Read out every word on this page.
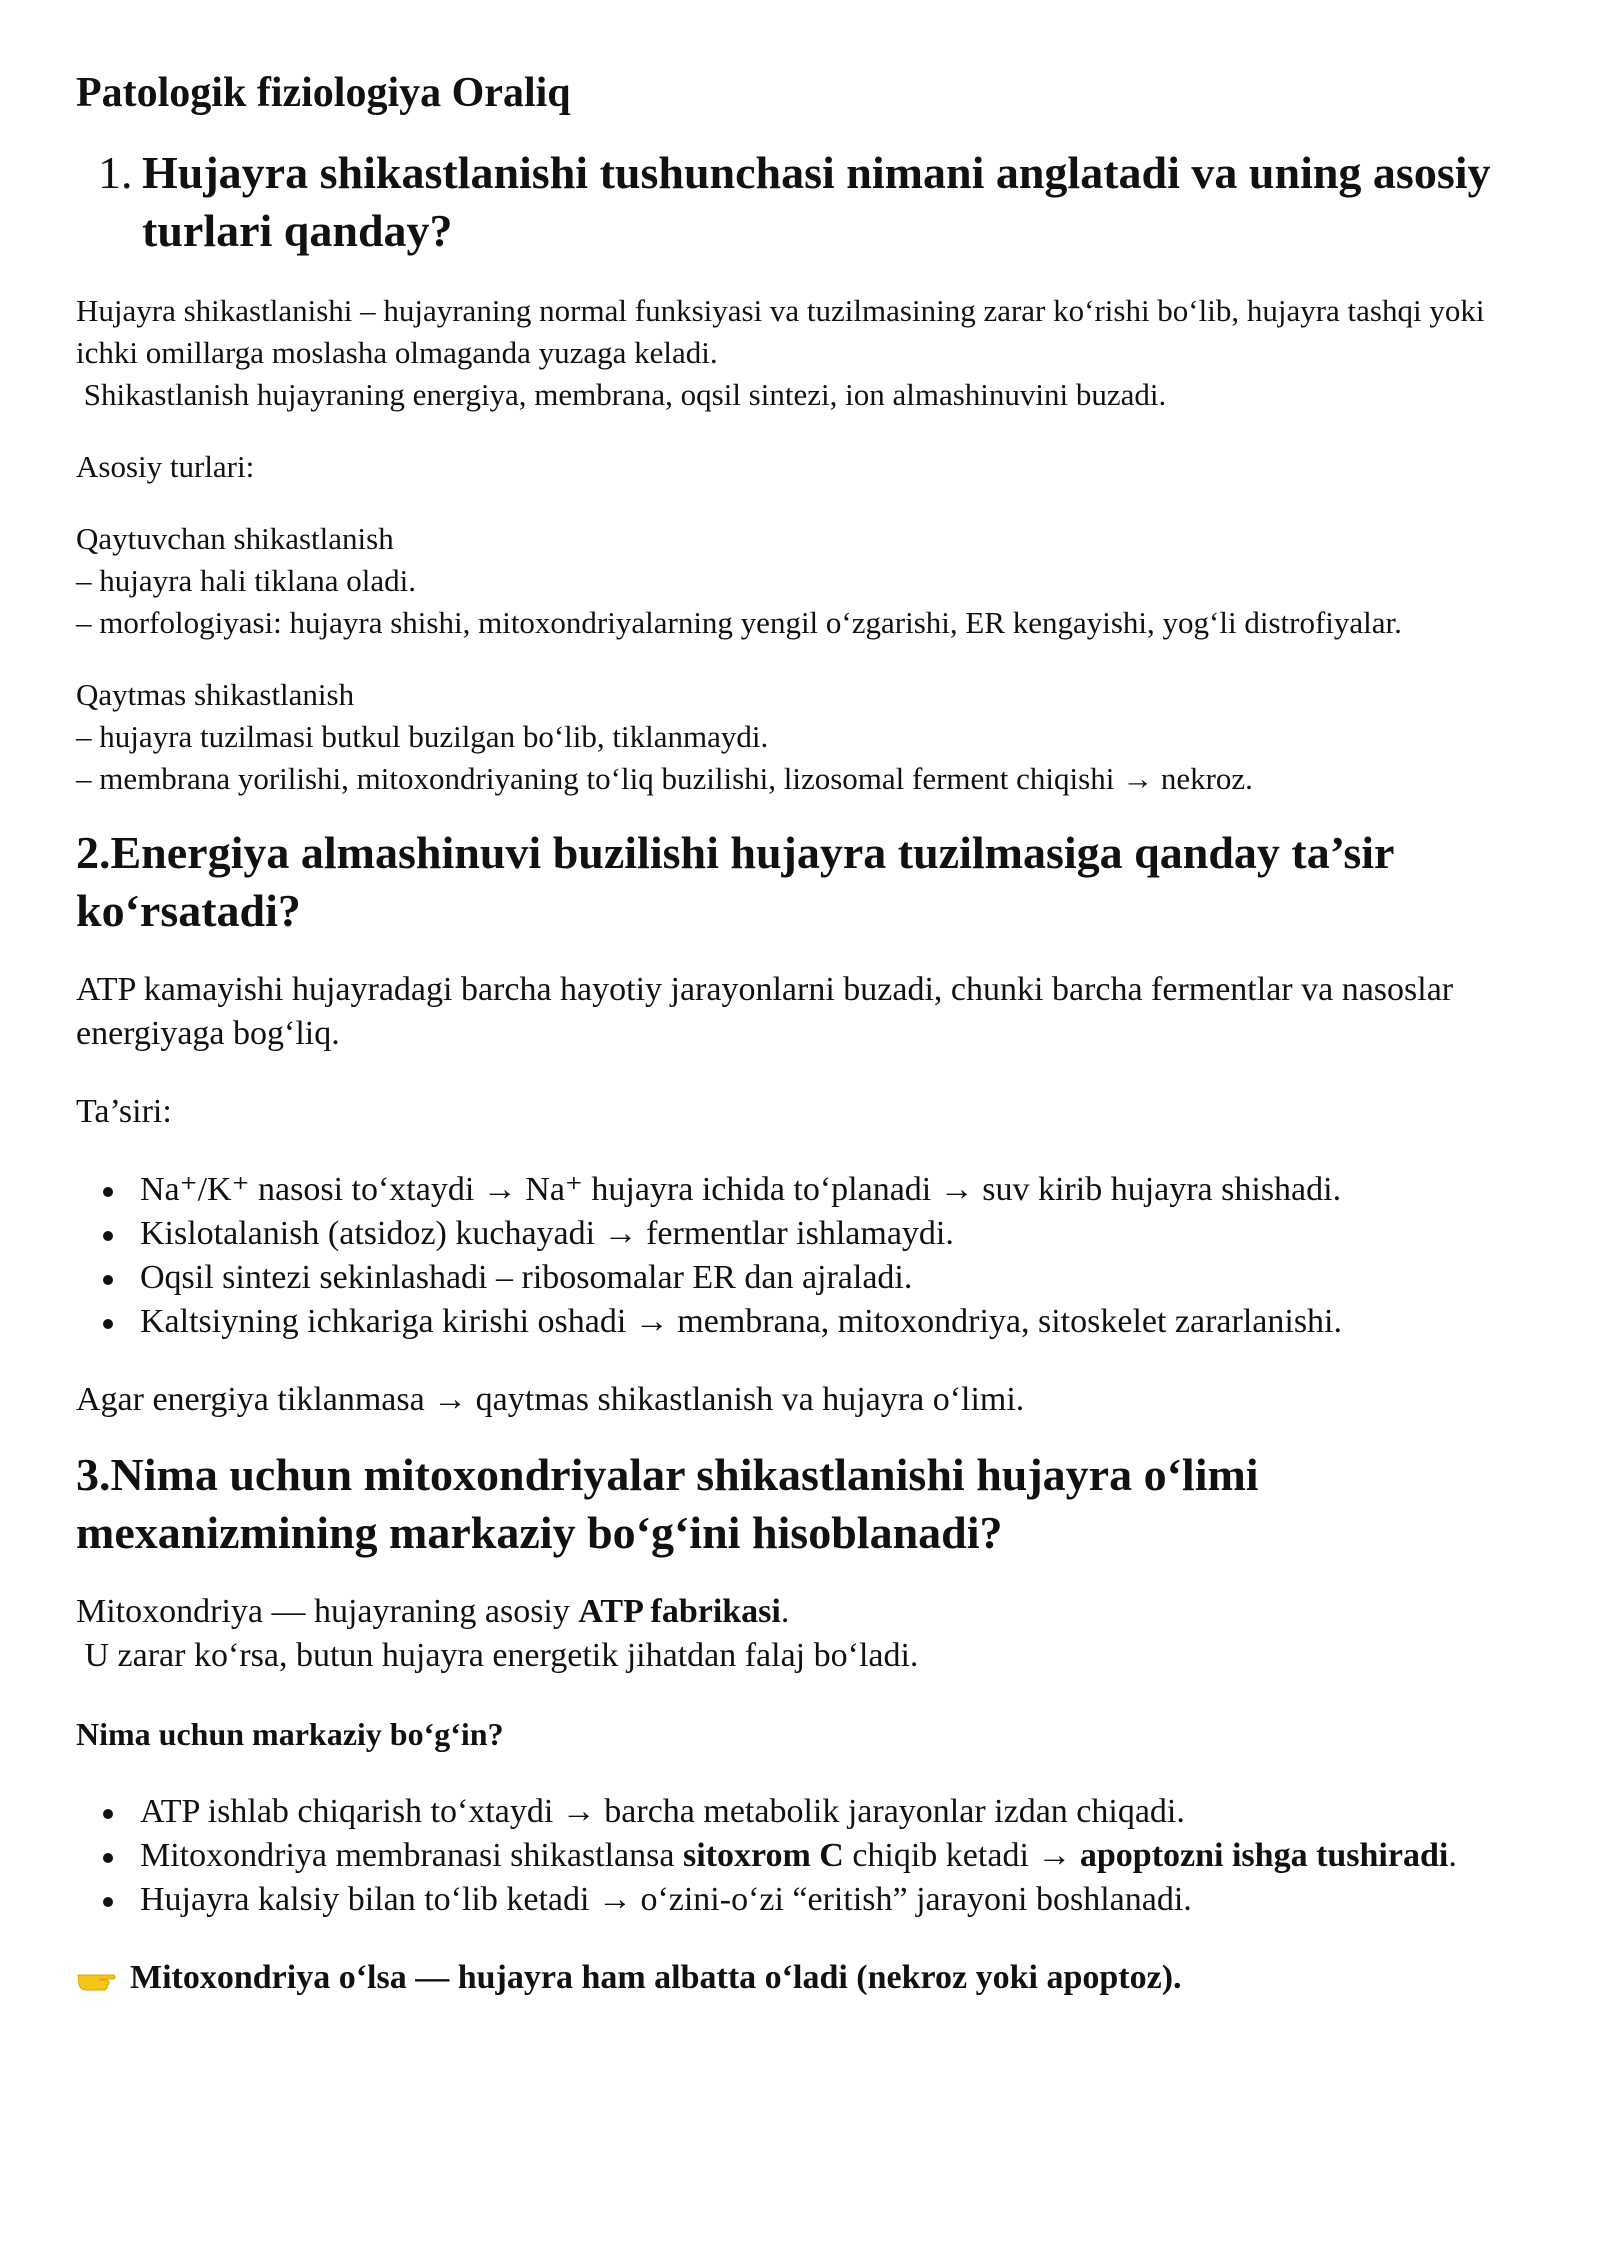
Patologik fiziologiya Oraliq
1. Hujayra shikastlanishi tushunchasi nimani anglatadi va uning asosiy turlari qanday?

Hujayra shikastlanishi – hujayraning normal funksiyasi va tuzilmasining zarar ko‘rishi bo‘lib, hujayra tashqi yoki ichki omillarga moslasha olmaganda yuzaga keladi.

Shikastlanish hujayraning energiya, membrana, oqsil sintezi, ion almashinuvini buzadi.

Asosiy turlari:

Qaytuvchan shikastlanish

– hujayra hali tiklana oladi.

– morfologiyasi: hujayra shishi, mitoxondriyalarning yengil o‘zgarishi, ER kengayishi, yog‘li distrofiyalar.

Qaytmas shikastlanish

– hujayra tuzilmasi butkul buzilgan bo‘lib, tiklanmaydi.

– membrana yorilishi, mitoxondriyaning to‘liq buzilishi, lizosomal ferment chiqishi → nekroz.

2.Energiya almashinuvi buzilishi hujayra tuzilmasiga qanday ta’sir ko‘rsatadi?

ATP kamayishi hujayradagi barcha hayotiy jarayonlarni buzadi, chunki barcha fermentlar va nasoslar energiyaga bog‘liq.

Ta’siri:

Na⁺/K⁺ nasosi to‘xtaydi → Na⁺ hujayra ichida to‘planadi → suv kirib hujayra shishadi.
Kislotalanish (atsidoz) kuchayadi → fermentlar ishlamaydi.
Oqsil sintezi sekinlashadi – ribosomalar ER dan ajraladi.
Kaltsiyning ichkariga kirishi oshadi → membrana, mitoxondriya, sitoskelet zararlanishi.

Agar energiya tiklanmasa → qaytmas shikastlanish va hujayra o‘limi.

3.Nima uchun mitoxondriyalar shikastlanishi hujayra o‘limi mexanizmining markaziy bo‘g‘ini hisoblanadi?

Mitoxondriya — hujayraning asosiy ATP fabrikasi.

U zarar ko‘rsa, butun hujayra energetik jihatdan falaj bo‘ladi.

Nima uchun markaziy bo‘g‘in?

ATP ishlab chiqarish to‘xtaydi → barcha metabolik jarayonlar izdan chiqadi.
Mitoxondriya membranasi shikastlansa sitoxrom C chiqib ketadi → apoptozni ishga tushiradi.
Hujayra kalsiy bilan to‘lib ketadi → o‘zini-o‘zi “eritish” jarayoni boshlanadi.
Mitoxondriya o‘lsa — hujayra ham albatta o‘ladi (nekroz yoki apoptoz).
